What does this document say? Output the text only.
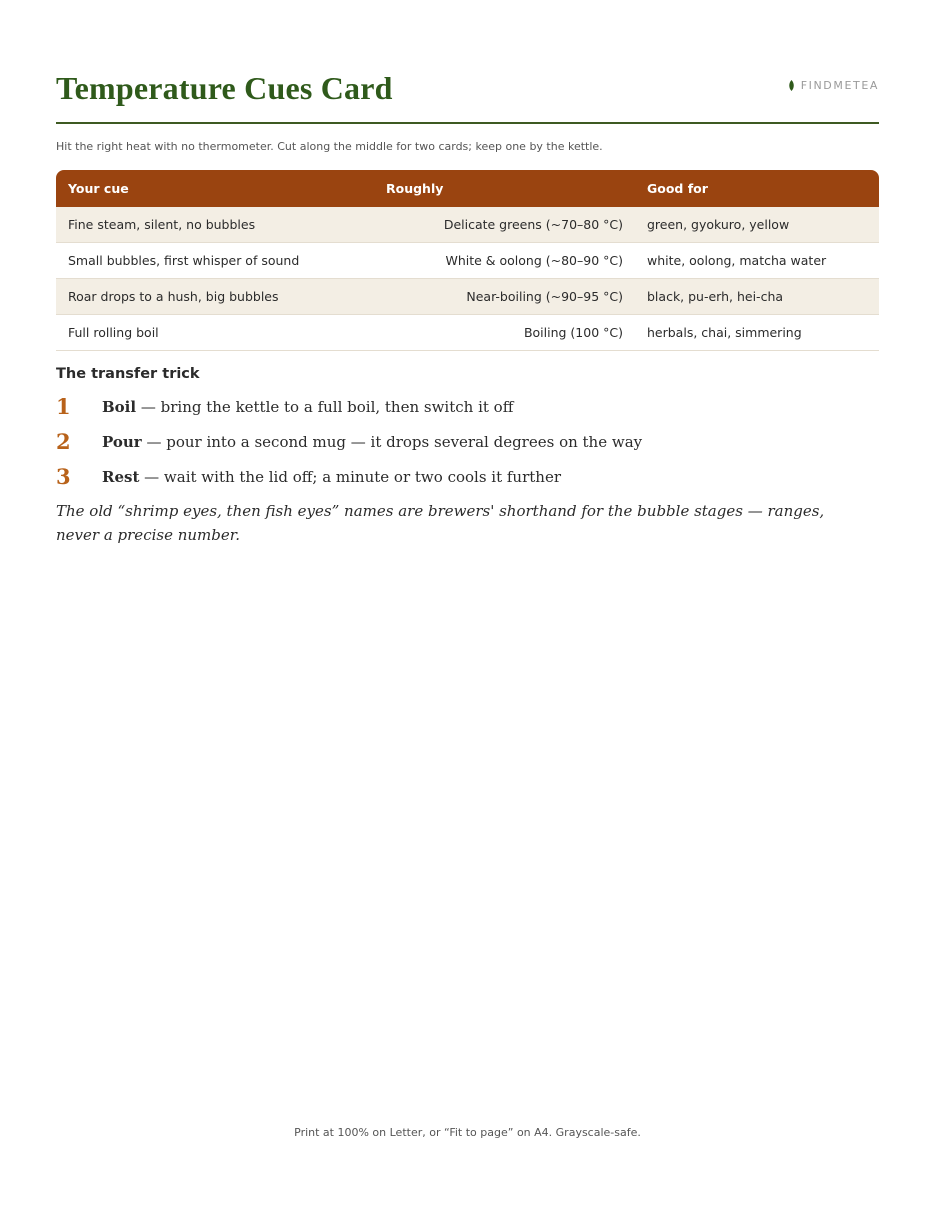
Temperature Cues Card	FINDMETEA
Hit the right heat with no thermometer. Cut along the middle for two cards; keep one by the kettle.
Your cue	Roughly	Good for
Fine steam, silent, no bubbles	Delicate greens (~70–80 °C)	green, gyokuro, yellow
Small bubbles, first whisper of sound	White & oolong (~80–90 °C)	white, oolong, matcha water
Roar drops to a hush, big bubbles	Near-boiling (~90–95 °C)	black, pu-erh, hei-cha
Full rolling boil	Boiling (100 °C)	herbals, chai, simmering
The transfer trick
1 Boil — bring the kettle to a full boil, then switch it off
2 Pour — pour into a second mug — it drops several degrees on the way
3 Rest — wait with the lid off; a minute or two cools it further
The old “shrimp eyes, then fish eyes” names are brewers' shorthand for the bubble stages — ranges, never a precise number.
Print at 100% on Letter, or “Fit to page” on A4. Grayscale-safe.
